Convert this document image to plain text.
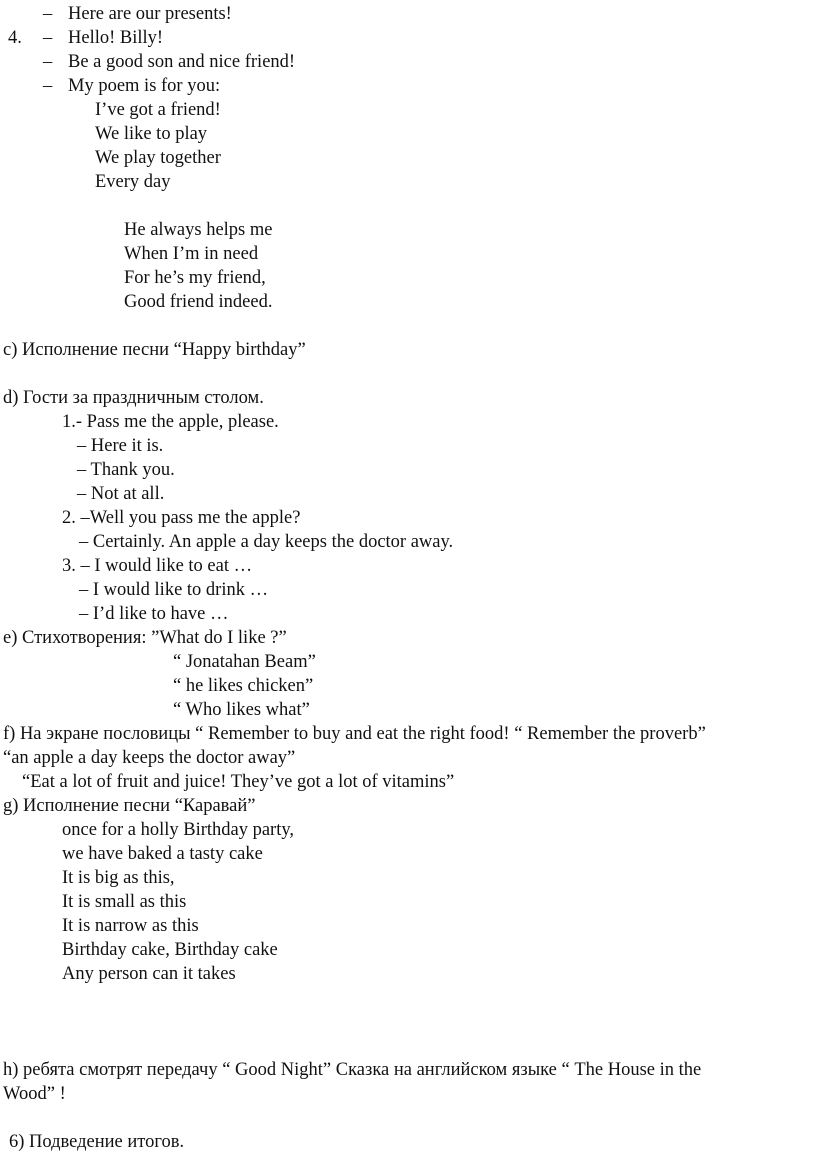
– Here are our presents!
4. – Hello! Billy!
– Be a good son and nice friend!
– My poem is for you:
I’ve got a friend!
We like to play
We play together
Every day
He always helps me
When I’m in need
For he’s my friend,
Good friend indeed.
c) Исполнение песни “Happy birthday”
d) Гости за праздничным столом.
1.- Pass me the apple, please.
– Here it is.
– Thank you.
– Not at all.
2. –Well you pass me the apple?
– Certainly. An apple a day keeps the doctor away.
3. – I would like to eat …
– I would like to drink …
– I’d like to have …
e) Стихотворения: ”What do I like ?”
“ Jonatahan Beam”
“ he likes chicken”
“ Who likes what”
f) На экране пословицы “ Remember to buy and eat the right food! “ Remember the proverb”
“an apple a day keeps the doctor away”
“Eat a lot of fruit and juice! They’ve got a lot of vitamins”
g) Исполнение песни “Каравай”
once for a holly Birthday party,
we have baked a tasty cake
It is big as this,
It is small as this
It is narrow as this
Birthday cake, Birthday cake
Any person can it takes
h) ребята смотрят передачу “ Good Night” Сказка на английском языке “ The House in the
Wood” !
6) Подведение итогов.
